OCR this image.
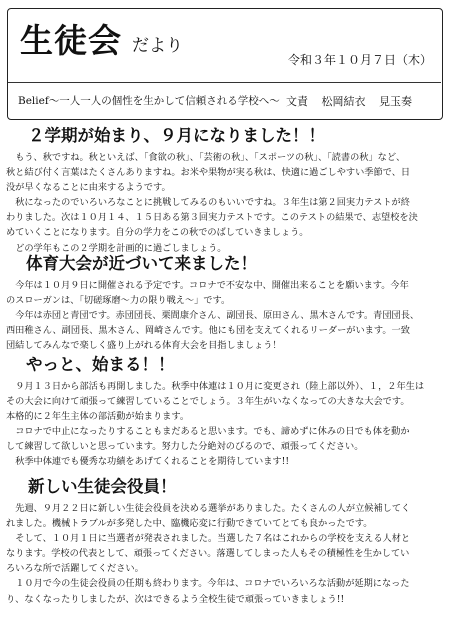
生徒会 だより
令和３年１０月７日（木）
Belief〜一人一人の個性を生かして信頼される学校へ〜 文責 松岡結衣 見玉奏
２学期が始まり、９月になりました！！

もう、秋ですね。秋といえば、「食欲の秋」、「芸術の秋」、「スポーツの秋」、「読書の秋」など、

秋と結び付く言葉はたくさんありますね。お米や果物が実る秋は、快適に過ごしやすい季節で、日

没が早くなることに由来するようです。

秋になったのでいろいろなことに挑戦してみるのもいいですね。３年生は第２回実力テストが終

わりました。次は１０月１４、１５日ある第３回実力テストです。このテストの結果で、志望校を決

めていくことになります。自分の学力をこの秋でのばしていきましょう。

どの学年もこの２学期を計画的に過ごしましょう。

体育大会が近づいて来ました！

今年は１０月９日に開催される予定です。コロナで不安な中、開催出来ることを願います。今年

のスローガンは、「切磋琢磨〜力の限り戦え〜」です。

今年は赤団と青団です。赤団団長、栗間康介さん、副団長、原田さん、黒木さんです。青団団長、

西田稚さん、副団長、黒木さん、岡崎さんです。他にも団を支えてくれるリーダーがいます。一致

団結してみんなで楽しく盛り上がれる体育大会を目指しましょう！

やっと、始まる！！

９月１３日から部活も再開しました。秋季中体連は１０月に変更され（陸上部以外）、１，２年生は

その大会に向けて頑張って練習していることでしょう。３年生がいなくなっての大きな大会です。

本格的に２年生主体の部活動が始まります。

コロナで中止になったりすることもまだあると思います。でも、諦めずに休みの日でも体を動か

して練習して欲しいと思っています。努力した分絶対のびるので、頑張ってください。

秋季中体連でも優秀な功績をあげてくれることを期待しています!!

新しい生徒会役員！

先週、９月２２日に新しい生徒会役員を決める選挙がありました。たくさんの人が立候補してく

れました。機械トラブルが多発した中、臨機応変に行動できていてとても良かったです。

そして、１０月１日に当選者が発表されました。当選した７名はこれからの学校を支える人材と

なります。学校の代表として、頑張ってください。落選してしまった人もその積極性を生かしてい

ろいろな所で活躍してください。

１０月で今の生徒会役員の任期も終わります。今年は、コロナでいろいろな活動が延期になった

り、なくなったりしましたが、次はできるよう全校生徒で頑張っていきましょう!!
